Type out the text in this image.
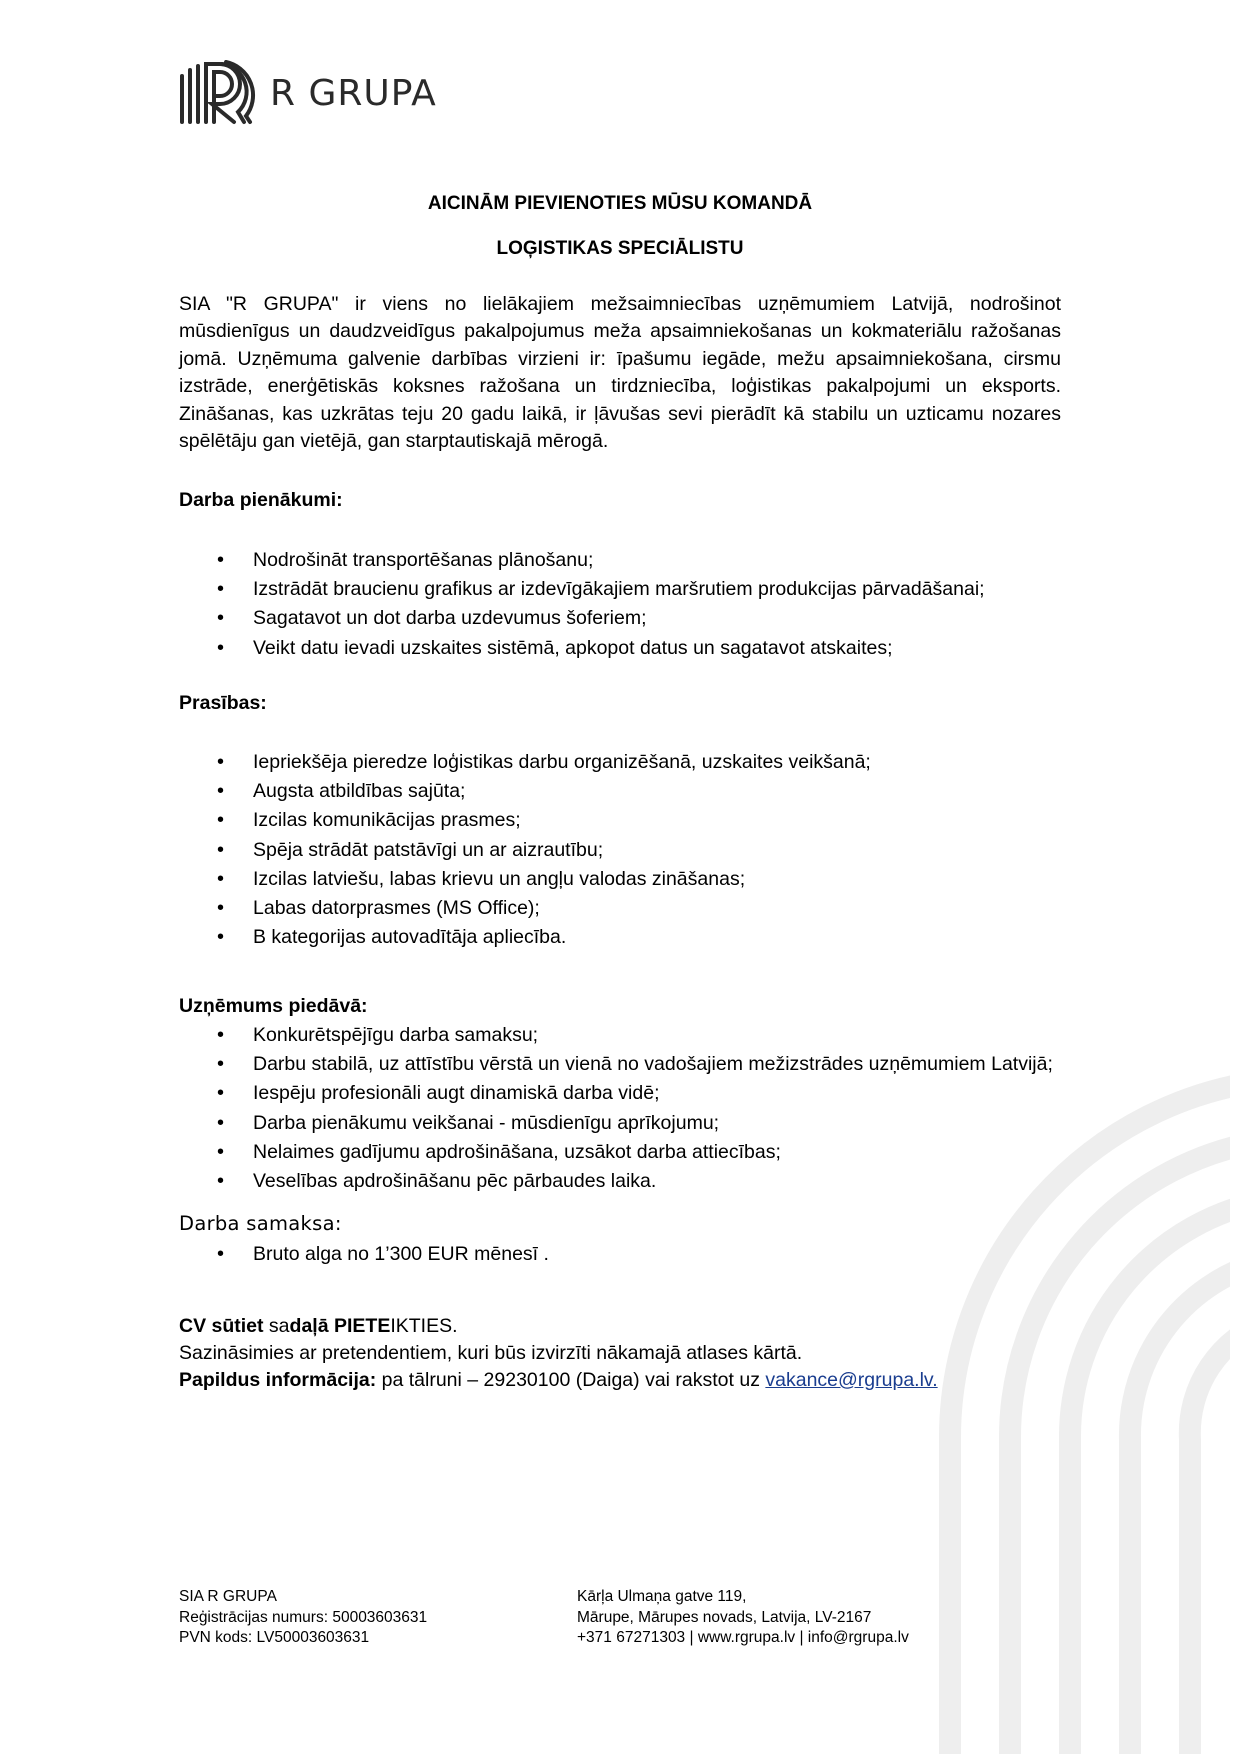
R GRUPA
AICINĀM PIEVIENOTIES MŪSU KOMANDĀ
LOĢISTIKAS SPECIĀLISTU
SIA "R GRUPA" ir viens no lielākajiem mežsaimniecības uzņēmumiem Latvijā, nodrošinot mūsdienīgus un daudzveidīgus pakalpojumus meža apsaimniekošanas un kokmateriālu ražošanas jomā. Uzņēmuma galvenie darbības virzieni ir: īpašumu iegāde, mežu apsaimniekošana, cirsmu izstrāde, enerģētiskās koksnes ražošana un tirdzniecība, loģistikas pakalpojumi un eksports. Zināšanas, kas uzkrātas teju 20 gadu laikā, ir ļāvušas sevi pierādīt kā stabilu un uzticamu nozares spēlētāju gan vietējā, gan starptautiskajā mērogā.
Darba pienākumi:
• Nodrošināt transportēšanas plānošanu;
• Izstrādāt braucienu grafikus ar izdevīgākajiem maršrutiem produkcijas pārvadāšanai;
• Sagatavot un dot darba uzdevumus šoferiem;
• Veikt datu ievadi uzskaites sistēmā, apkopot datus un sagatavot atskaites;
Prasības:
• Iepriekšēja pieredze loģistikas darbu organizēšanā, uzskaites veikšanā;
• Augsta atbildības sajūta;
• Izcilas komunikācijas prasmes;
• Spēja strādāt patstāvīgi un ar aizrautību;
• Izcilas latviešu, labas krievu un angļu valodas zināšanas;
• Labas datorprasmes (MS Office);
• B kategorijas autovadītāja apliecība.
Uzņēmums piedāvā:
• Konkurētspējīgu darba samaksu;
• Darbu stabilā, uz attīstību vērstā un vienā no vadošajiem mežizstrādes uzņēmumiem Latvijā;
• Iespēju profesionāli augt dinamiskā darba vidē;
• Darba pienākumu veikšanai - mūsdienīgu aprīkojumu;
• Nelaimes gadījumu apdrošināšana, uzsākot darba attiecības;
• Veselības apdrošināšanu pēc pārbaudes laika.
Darba samaksa:
• Bruto alga no 1’300 EUR mēnesī .
CV sūtiet sadaļā PIETEIKTIES.
Sazināsimies ar pretendentiem, kuri būs izvirzīti nākamajā atlases kārtā.
Papildus informācija: pa tālruni – 29230100 (Daiga) vai rakstot uz vakance@rgrupa.lv.
SIA R GRUPA
Reģistrācijas numurs: 50003603631
PVN kods: LV50003603631
Kārļa Ulmaņa gatve 119,
Mārupe, Mārupes novads, Latvija, LV-2167
+371 67271303 | www.rgrupa.lv | info@rgrupa.lv
